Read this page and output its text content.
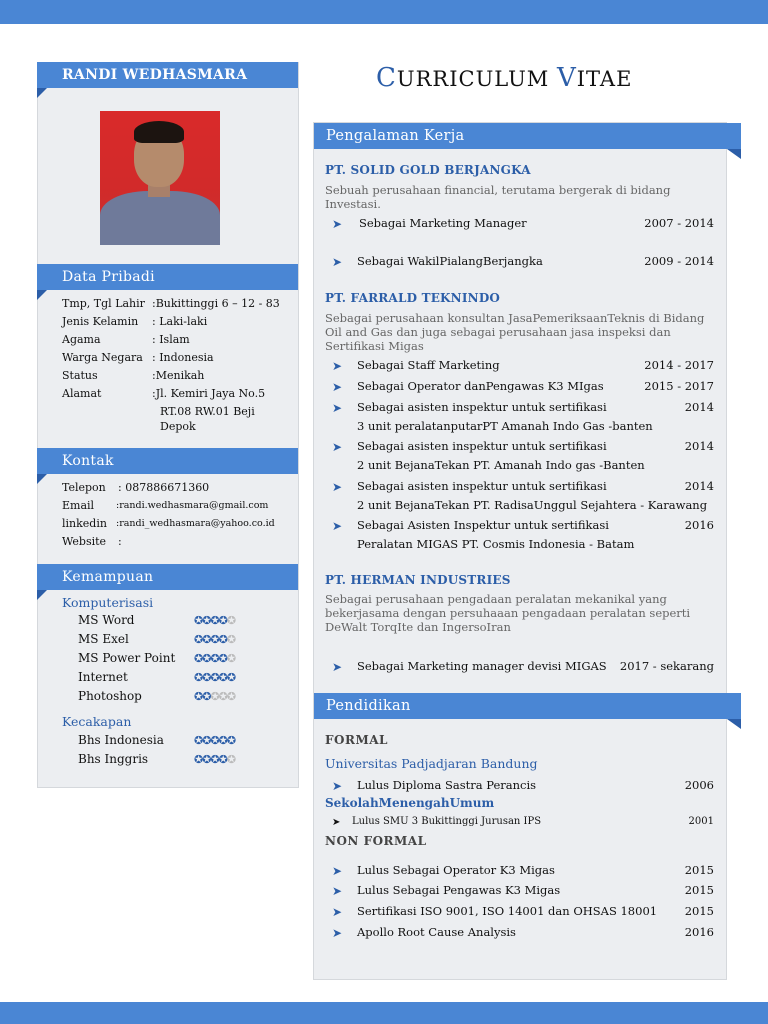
RANDI WEDHASMARA
Data Pribadi
Tmp, Tgl Lahir :Bukittinggi 6 – 12 - 83
Jenis Kelamin	: Laki-laki
Agama	: Islam
Warga Negara : Indonesia
Status	:Menikah
Alamat	:Jl. Kemiri Jaya No.5
RT.08 RW.01 Beji
Depok
Kontak
Telepon	: 087886671360
Email	:randi.wedhasmara@gmail.com
linkedin :randi_wedhasmara@yahoo.co.id
Website	:
Kemampuan
Komputerisasi
MS Word	✪✪✪✪✪
MS Exel	✪✪✪✪✪
MS Power Point ✪✪✪✪✪
Internet	✪✪✪✪✪
Photoshop	✪✪✪✪✪
Kecakapan
Bhs Indonesia	✪✪✪✪✪
Bhs Inggris	✪✪✪✪✪
CURRICULUM VITAE
Pengalaman Kerja
PT. SOLID GOLD BERJANGKA
Sebuah perusahaan financial, terutama bergerak di bidang Investasi.
➤ Sebagai Marketing Manager	2007 - 2014
➤ Sebagai WakilPialangBerjangka	2009 - 2014
PT. FARRALD TEKNINDO
Sebagai perusahaan konsultan JasaPemeriksaanTeknis di Bidang Oil and Gas dan juga sebagai perusahaan jasa inspeksi dan Sertifikasi Migas
➤ Sebagai Staff Marketing	2014 - 2017
➤ Sebagai Operator danPengawas K3 MIgas	2015 - 2017
➤ Sebagai asisten inspektur untuk sertifikasi	2014
3 unit peralatanputarPT Amanah Indo Gas -banten
➤ Sebagai asisten inspektur untuk sertifikasi	2014
2 unit BejanaTekan PT. Amanah Indo gas -Banten
➤ Sebagai asisten inspektur untuk sertifikasi	2014
2 unit BejanaTekan PT. RadisaUnggul Sejahtera - Karawang
➤ Sebagai Asisten Inspektur untuk sertifikasi	2016
Peralatan MIGAS PT. Cosmis Indonesia - Batam
PT. HERMAN INDUSTRIES
Sebagai perusahaan pengadaan peralatan mekanikal yang bekerjasama dengan persuhaaan pengadaan peralatan seperti DeWalt TorqIte dan IngersoIran
➤ Sebagai Marketing manager devisi MIGAS	2017 - sekarang
Pendidikan
FORMAL
Universitas Padjadjaran Bandung
➤ Lulus Diploma Sastra Perancis	2006
SekolahMenengahUmum
➤ Lulus SMU 3 Bukittinggi Jurusan IPS	2001
NON FORMAL
➤ Lulus Sebagai Operator K3 Migas	2015
➤ Lulus Sebagai Pengawas K3 Migas	2015
➤ Sertifikasi ISO 9001, ISO 14001 dan OHSAS 18001	2015
➤ Apollo Root Cause Analysis	2016
